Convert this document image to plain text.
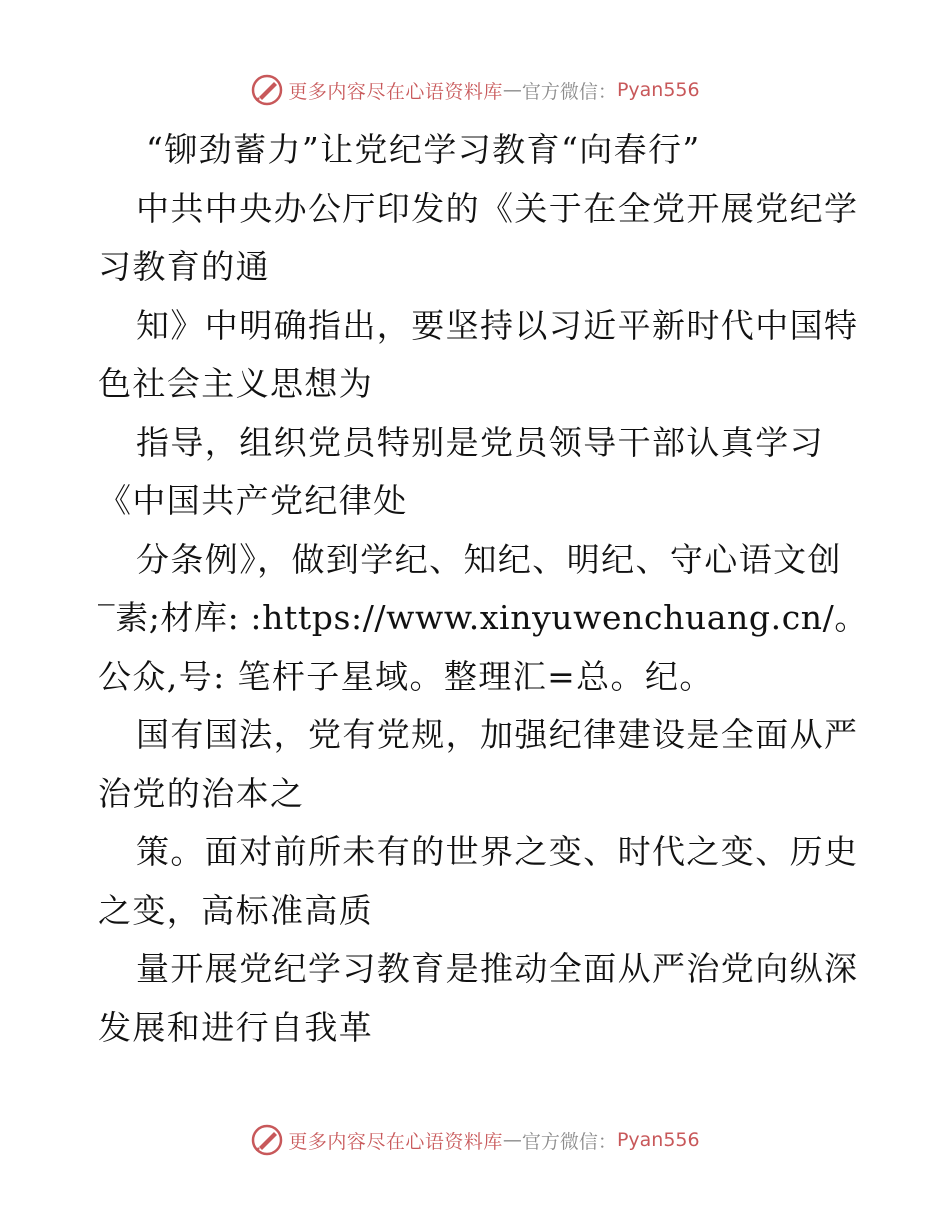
更多内容尽在心语资料库 — 官方微信： Pyan556
“铆劲蓄力”让党纪学习教育“向春行”
中共中央办公厅印发的《关于在全党开展党纪学
习教育的通
知》中明确指出，要坚持以习近平新时代中国特
色社会主义思想为
指导，组织党员特别是党员领导干部认真学习
《中国共产党纪律处
分条例》，做到学纪、知纪、明纪、守心语文创
‾素;材库: :https://www.xinyuwenchuang.cn/。
公众,号: 笔杆子星域。整理汇=总。纪。
国有国法，党有党规，加强纪律建设是全面从严
治党的治本之
策。面对前所未有的世界之变、时代之变、历史
之变，高标准高质
量开展党纪学习教育是推动全面从严治党向纵深
发展和进行自我革
更多内容尽在心语资料库 — 官方微信： Pyan556
